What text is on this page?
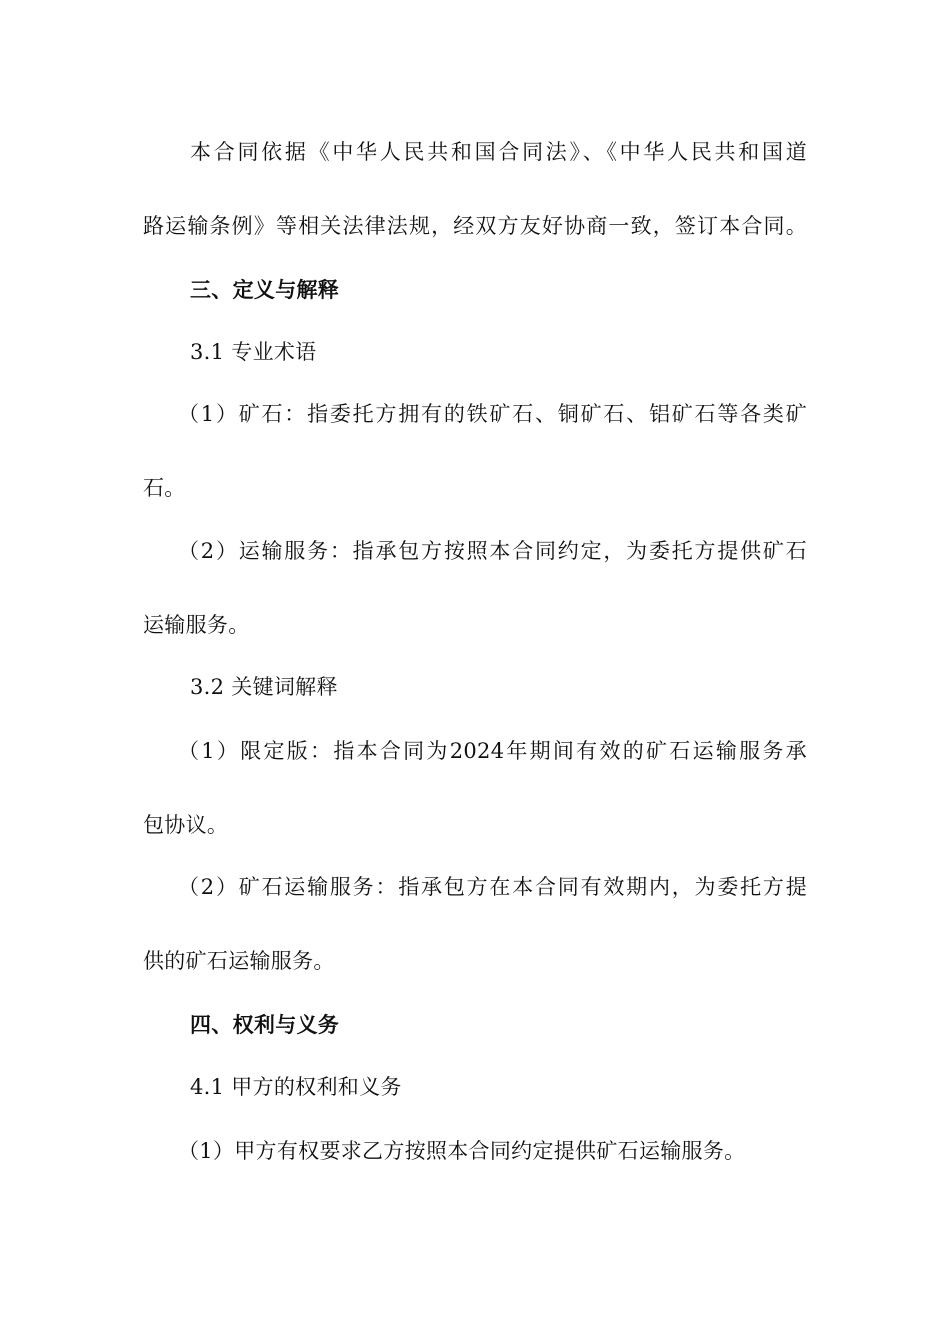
本合同依据《中华人民共和国合同法》、《中华人民共和国道
路运输条例》等相关法律法规，经双方友好协商一致，签订本合同。
三、定义与解释
3.1 专业术语
（1）矿石：指委托方拥有的铁矿石、铜矿石、铝矿石等各类矿
石。
（2）运输服务：指承包方按照本合同约定，为委托方提供矿石
运输服务。
3.2 关键词解释
（1）限定版：指本合同为2024年期间有效的矿石运输服务承
包协议。
（2）矿石运输服务：指承包方在本合同有效期内，为委托方提
供的矿石运输服务。
四、权利与义务
4.1 甲方的权利和义务
（1）甲方有权要求乙方按照本合同约定提供矿石运输服务。
